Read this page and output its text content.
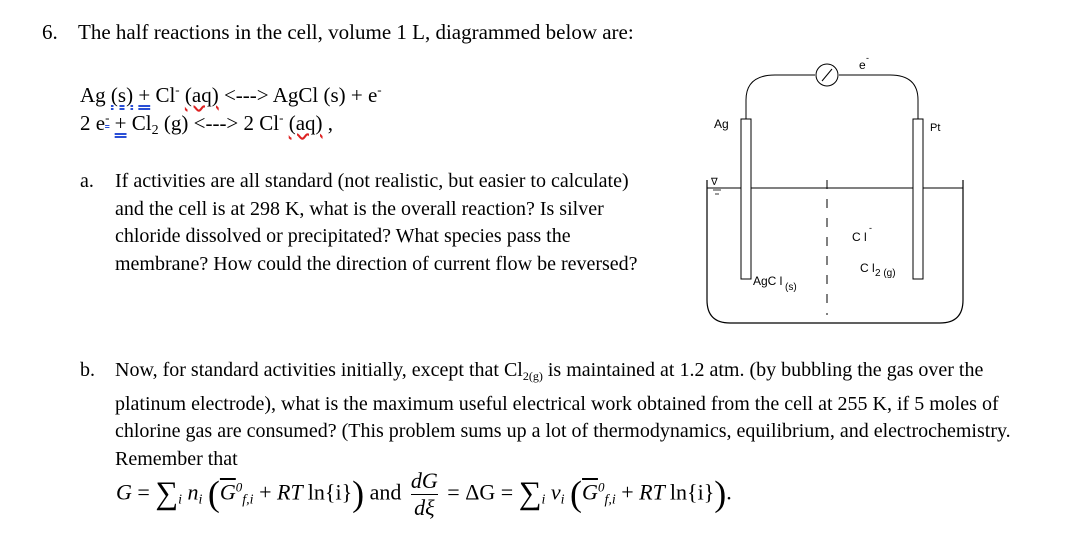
6. The half reactions in the cell, volume 1 L, diagrammed below are:
Ag (s) + Cl- (aq) <---> AgCl (s) + e-
2 $e^- + Cl_2$ (g) <---> 2 Cl- (aq) ,
a. If activities are all standard (not realistic, but easier to calculate) and the cell is at 298 K, what is the overall reaction? Is silver chloride dissolved or precipitated? What species pass the membrane? How could the direction of current flow be reversed?
b. Now, for standard activities initially, except that $Cl_{2(g)}$ is maintained at 1.2 atm. (by bubbling the gas over the platinum electrode), what is the maximum useful electrical work obtained from the cell at 255 K, if 5 moles of chlorine gas are consumed? (This problem sums up a lot of thermodynamics, equilibrium, and electrochemistry. Remember that
$G = \sum_i$ $n_i$ ($\overline{G}^0_{f,i}$ + RT ln{i}) and $\frac{dG}{d\xi} = \Delta G = \sum_i$ $v_i$ ($\overline{G}^0_{f,i}$ + RT ln{i}).
e -
Ag	Pt
∇
C l
-
C l 2 (g)
AgC l (s)
